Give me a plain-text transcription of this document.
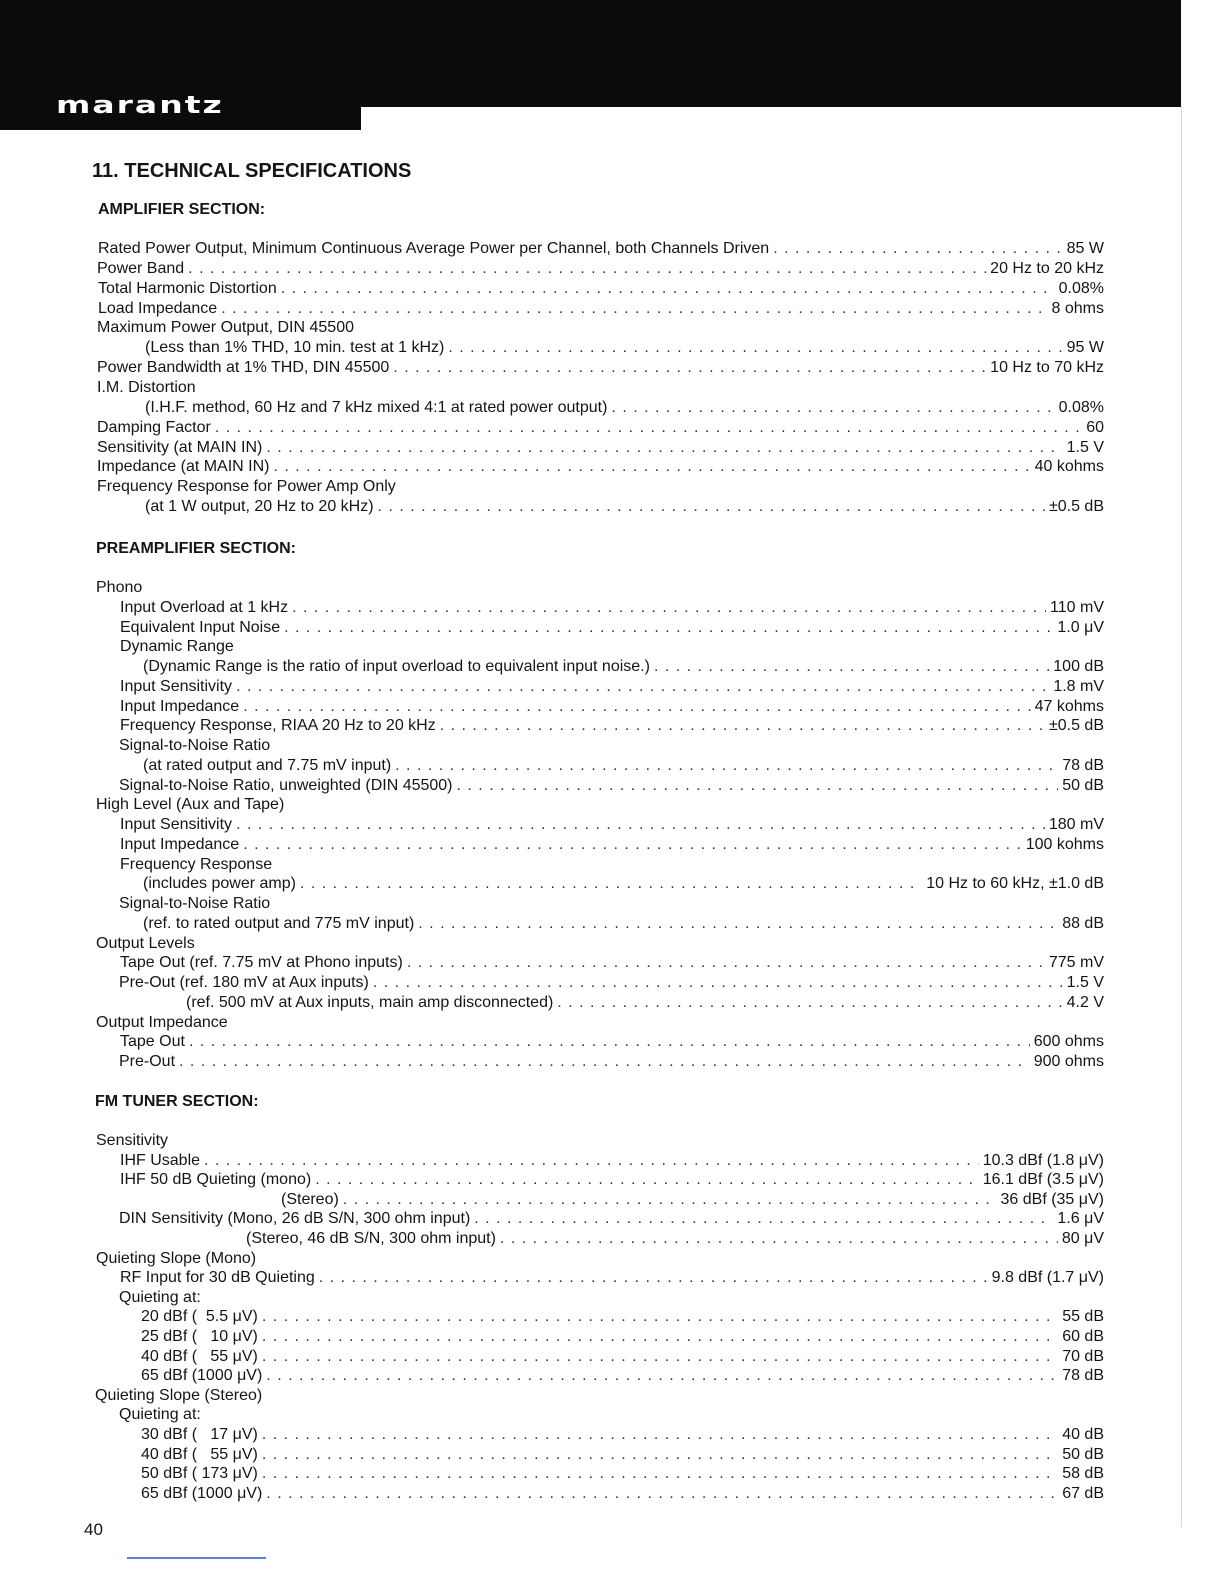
marantz
11. TECHNICAL SPECIFICATIONS
AMPLIFIER SECTION:
Rated Power Output, Minimum Continuous Average Power per Channel, both Channels Driven . . .	85 W
Power Band . . .	20 Hz to 20 kHz
Total Harmonic Distortion . . .	0.08%
Load Impedance . . .	8 ohms
Maximum Power Output, DIN 45500
(Less than 1% THD, 10 min. test at 1 kHz) . . .	95 W
Power Bandwidth at 1% THD, DIN 45500 . . .	10 Hz to 70 kHz
I.M. Distortion
(I.H.F. method, 60 Hz and 7 kHz mixed 4:1 at rated power output) . . .	0.08%
Damping Factor . . .	60
Sensitivity (at MAIN IN) . . .	1.5 V
Impedance (at MAIN IN) . . .	40 kohms
Frequency Response for Power Amp Only
(at 1 W output, 20 Hz to 20 kHz) . . .	±0.5 dB
PREAMPLIFIER SECTION:
Phono
Input Overload at 1 kHz . . .	110 mV
Equivalent Input Noise . . .	1.0 μV
Dynamic Range
(Dynamic Range is the ratio of input overload to equivalent input noise.) . . .	100 dB
Input Sensitivity . . .	1.8 mV
Input Impedance . . .	47 kohms
Frequency Response, RIAA 20 Hz to 20 kHz . . .	±0.5 dB
Signal-to-Noise Ratio
(at rated output and 7.75 mV input) . . .	78 dB
Signal-to-Noise Ratio, unweighted (DIN 45500) . . .	50 dB
High Level (Aux and Tape)
Input Sensitivity . . .	180 mV
Input Impedance . . .	100 kohms
Frequency Response
(includes power amp) . . .	10 Hz to 60 kHz, ±1.0 dB
Signal-to-Noise Ratio
(ref. to rated output and 775 mV input) . . .	88 dB
Output Levels
Tape Out (ref. 7.75 mV at Phono inputs) . . .	775 mV
Pre-Out (ref. 180 mV at Aux inputs) . . .	1.5 V
(ref. 500 mV at Aux inputs, main amp disconnected) . . .	4.2 V
Output Impedance
Tape Out . . .	600 ohms
Pre-Out . . .	900 ohms
FM TUNER SECTION:
Sensitivity
IHF Usable . . .	10.3 dBf (1.8 μV)
IHF 50 dB Quieting (mono) . . .	16.1 dBf (3.5 μV)
(Stereo) . . .	36 dBf (35 μV)
DIN Sensitivity (Mono, 26 dB S/N, 300 ohm input) . . .	1.6 μV
(Stereo, 46 dB S/N, 300 ohm input) . . .	80 μV
Quieting Slope (Mono)
RF Input for 30 dB Quieting . . .	9.8 dBf (1.7 μV)
Quieting at:
20 dBf (  5.5 μV) . . .	55 dB
25 dBf (   10 μV) . . .	60 dB
40 dBf (   55 μV) . . .	70 dB
65 dBf (1000 μV) . . .	78 dB
Quieting Slope (Stereo)
Quieting at:
30 dBf (   17 μV) . . .	40 dB
40 dBf (   55 μV) . . .	50 dB
50 dBf ( 173 μV) . . .	58 dB
65 dBf (1000 μV) . . .	67 dB
40
